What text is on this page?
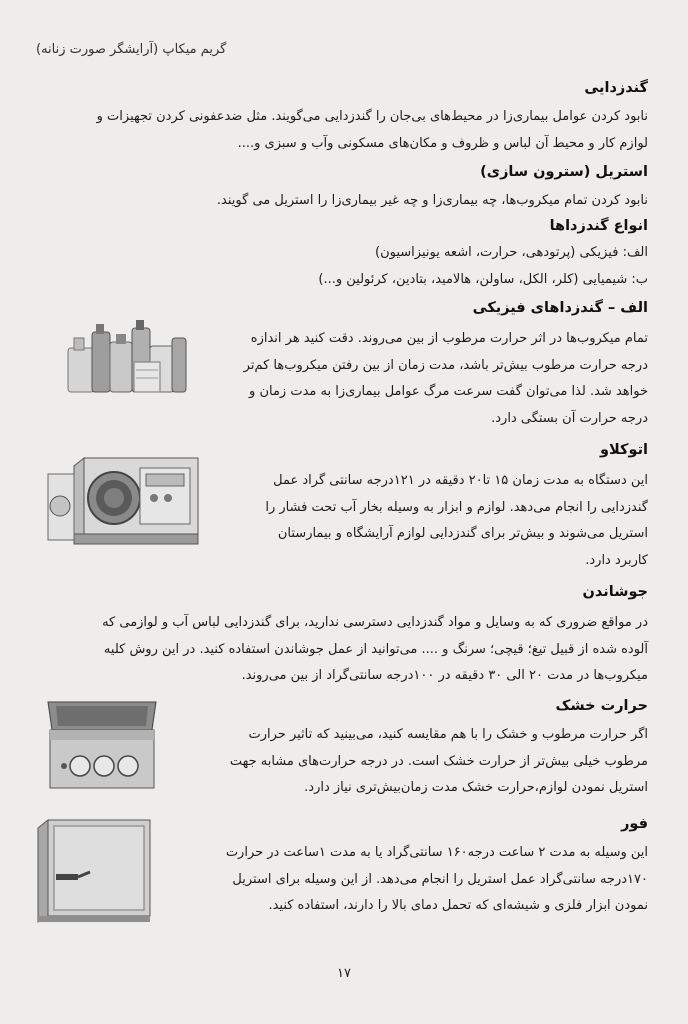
گریم میکاپ (آرایشگر صورت زنانه)
گندزدایی
نابود کردن عوامل بیماری‌زا در محیط‌های بی‌جان را گندزدایی می‌گویند. مثل ضدعفونی کردن تجهیزات و
لوازم کار و محیط آن لباس و ظروف و مکان‌های مسکونی وآب و سبزی و....
استریل (سترون سازی)
نابود کردن تمام میکروب‌ها، چه بیماری‌زا و چه غیر بیماری‌زا را استریل می گویند.
انواع گندزداها
الف: فیزیکی (پرتودهی، حرارت، اشعه یونیزاسیون)
ب: شیمیایی (کلر، الکل، ساولن، هالامید، بتادین، کرئولین و...)
الف – گندزداهای فیزیکی
تمام میکروب‌ها در اثر حرارت مرطوب از بین می‌روند. دقت کنید هر اندازه
درجه حرارت مرطوب بیش‌تر باشد، مدت زمان از بین رفتن میکروب‌ها کم‌تر
خواهد شد. لذا می‌توان گفت سرعت مرگ عوامل بیماری‌زا به مدت زمان و
درجه حرارت آن بستگی دارد.
اتوکلاو
این دستگاه به مدت زمان ۱۵ تا۲۰ دقیقه در ۱۲۱درجه سانتی گراد عمل
گندزدایی را انجام می‌دهد. لوازم و ابزار به وسیله بخار آب تحت فشار را
استریل می‌شوند و بیش‌تر برای گندزدایی لوازم آرایشگاه و بیمارستان
کاربرد دارد.
جوشاندن
در مواقع ضروری که به وسایل و مواد گندزدایی دسترسی ندارید، برای گندزدایی لباس آب و لوازمی که
آلوده شده از قبیل تیغ؛ قیچی؛ سرنگ و .... می‌توانید از عمل جوشاندن استفاده کنید. در این روش کلیه
میکروب‌ها در مدت ۲۰ الی ۳۰ دقیقه در ۱۰۰درجه سانتی‌گراد از بین می‌روند.
حرارت خشک
اگر حرارت مرطوب و خشک را با هم مقایسه کنید، می‌بینید که تاثیر حرارت
مرطوب خیلی بیش‌تر از حرارت خشک است. در درجه حرارت‌های مشابه جهت
استریل نمودن لوازم،حرارت خشک مدت زمان‌بیش‌تری نیاز دارد.
فور
این وسیله به مدت ۲ ساعت درجه۱۶۰ سانتی‌گراد یا به مدت ۱ساعت در حرارت
۱۷۰درجه سانتی‌گراد عمل استریل را انجام می‌دهد. از این وسیله برای استریل
نمودن ابزار فلزی و شیشه‌ای که تحمل دمای بالا را دارند، استفاده کنید.
۱۷
